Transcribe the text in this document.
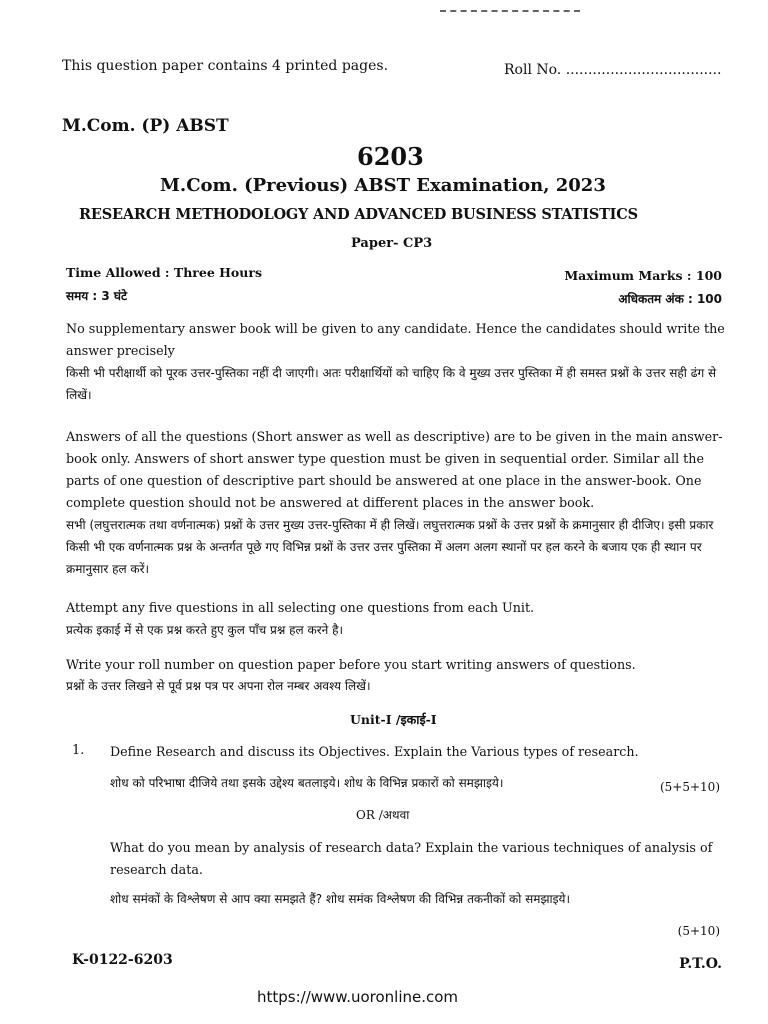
This question paper contains 4 printed pages.	Roll No. ...................................
M.Com. (P) ABST
6203
M.Com. (Previous) ABST Examination, 2023
RESEARCH METHODOLOGY AND ADVANCED BUSINESS STATISTICS
Paper- CP3
Time Allowed : Three Hours
समय : 3 घंटे
Maximum Marks : 100
अधिकतम अंक : 100
No supplementary answer book will be given to any candidate. Hence the candidates should write the answer precisely
किसी भी परीक्षार्थी को पूरक उत्तर-पुस्तिका नहीं दी जाएगी। अतः परीक्षार्थियों को चाहिए कि वे मुख्य उत्तर पुस्तिका में ही समस्त प्रश्नों के उत्तर सही ढंग से लिखें।
Answers of all the questions (Short answer as well as descriptive) are to be given in the main answer-book only. Answers of short answer type question must be given in sequential order. Similar all the parts of one question of descriptive part should be answered at one place in the answer-book. One complete question should not be answered at different places in the answer book.
सभी (लघुत्तरात्मक तथा वर्णनात्मक) प्रश्नों के उत्तर मुख्य उत्तर-पुस्तिका में ही लिखें। लघुत्तरात्मक प्रश्नों के उत्तर प्रश्नों के क्रमानुसार ही दीजिए। इसी प्रकार किसी भी एक वर्णनात्मक प्रश्न के अन्तर्गत पूछे गए विभिन्न प्रश्नों के उत्तर उत्तर पुस्तिका में अलग अलग स्थानों पर हल करने के बजाय एक ही स्थान पर क्रमानुसार हल करें।
Attempt any five questions in all selecting one questions from each Unit.
प्रत्येक इकाई में से एक प्रश्न करते हुए कुल पाँच प्रश्न हल करने है।
Write your roll number on question paper before you start writing answers of questions.
प्रश्नों के उत्तर लिखने से पूर्व प्रश्न पत्र पर अपना रोल नम्बर अवश्य लिखें।
Unit-I /इकाई-I
1. Define Research and discuss its Objectives. Explain the Various types of research.
शोध को परिभाषा दीजिये तथा इसके उद्देश्य बतलाइये। शोध के विभिन्न प्रकारों को समझाइये।	(5+5+10)
OR /अथवा
What do you mean by analysis of research data? Explain the various techniques of analysis of research data.
शोध समंकों के विश्लेषण से आप क्या समझते हैं? शोध समंक विश्लेषण की विभिन्न तकनीकों को समझाइये।
(5+10)
K-0122-6203	P.T.O.
https://www.uoronline.com
